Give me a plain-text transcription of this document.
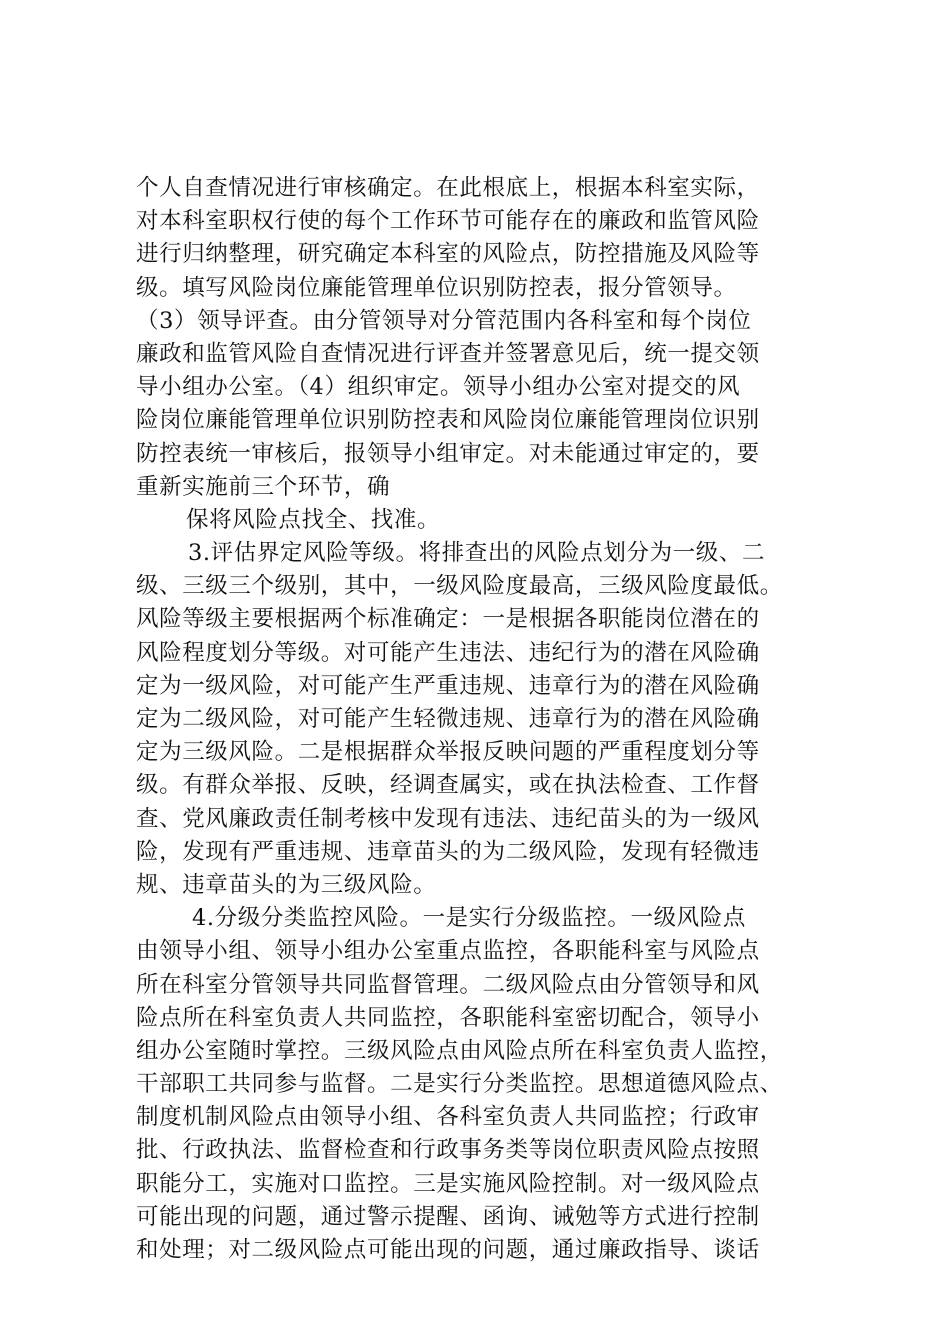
个人自查情况进行审核确定。在此根底上，根据本科室实际，
对本科室职权行使的每个工作环节可能存在的廉政和监管风险
进行归纳整理，研究确定本科室的风险点，防控措施及风险等
级。填写风险岗位廉能管理单位识别防控表，报分管领导。
（3）领导评查。由分管领导对分管范围内各科室和每个岗位
廉政和监管风险自查情况进行评查并签署意见后，统一提交领
导小组办公室。（4）组织审定。领导小组办公室对提交的风
险岗位廉能管理单位识别防控表和风险岗位廉能管理岗位识别
防控表统一审核后，报领导小组审定。对未能通过审定的，要
重新实施前三个环节，确
保将风险点找全、找准。
3.评估界定风险等级。将排查出的风险点划分为一级、二
级、三级三个级别，其中，一级风险度最高，三级风险度最低。
风险等级主要根据两个标准确定：一是根据各职能岗位潜在的
风险程度划分等级。对可能产生违法、违纪行为的潜在风险确
定为一级风险，对可能产生严重违规、违章行为的潜在风险确
定为二级风险，对可能产生轻微违规、违章行为的潜在风险确
定为三级风险。二是根据群众举报反映问题的严重程度划分等
级。有群众举报、反映，经调查属实，或在执法检查、工作督
查、党风廉政责任制考核中发现有违法、违纪苗头的为一级风
险，发现有严重违规、违章苗头的为二级风险，发现有轻微违
规、违章苗头的为三级风险。
4.分级分类监控风险。一是实行分级监控。一级风险点
由领导小组、领导小组办公室重点监控，各职能科室与风险点
所在科室分管领导共同监督管理。二级风险点由分管领导和风
险点所在科室负责人共同监控，各职能科室密切配合，领导小
组办公室随时掌控。三级风险点由风险点所在科室负责人监控，
干部职工共同参与监督。二是实行分类监控。思想道德风险点、
制度机制风险点由领导小组、各科室负责人共同监控；行政审
批、行政执法、监督检查和行政事务类等岗位职责风险点按照
职能分工，实施对口监控。三是实施风险控制。对一级风险点
可能出现的问题，通过警示提醒、函询、诫勉等方式进行控制
和处理；对二级风险点可能出现的问题，通过廉政指导、谈话
